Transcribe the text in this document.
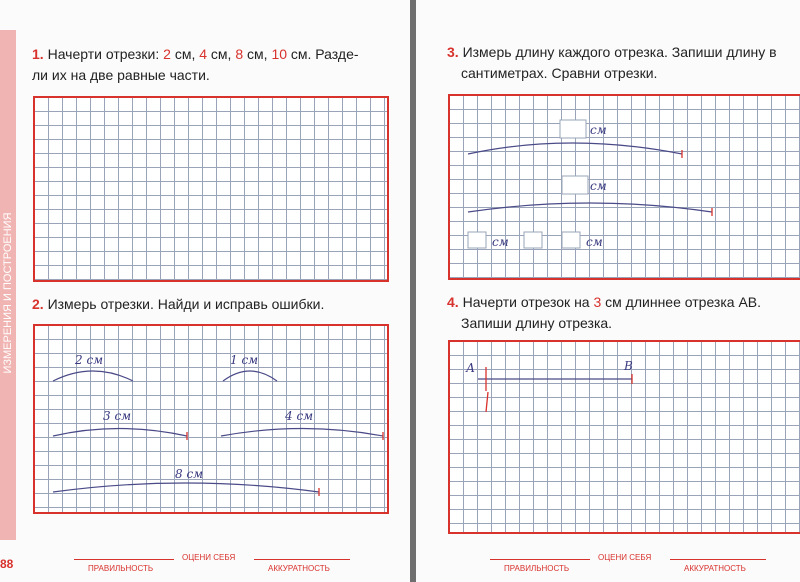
ИЗМЕРЕНИЯ И ПОСТРОЕНИЯ
1. Начерти отрезки: 2 см, 4 см, 8 см, 10 см. Разде-
ли их на две равные части.
2. Измерь отрезки. Найди и исправь ошибки.
2 см	1 см
3 см	4 см
8 см
88	ОЦЕНИ СЕБЯ
ПРАВИЛЬНОСТЬ	АККУРАТНОСТЬ
3. Измерь длину каждого отрезка. Запиши длину в
сантиметрах. Сравни отрезки.
см
см
см	см
4. Начерти отрезок на 3 см длиннее отрезка АВ.
Запиши длину отрезка.
А	В
ОЦЕНИ СЕБЯ
ПРАВИЛЬНОСТЬ	АККУРАТНОСТЬ
